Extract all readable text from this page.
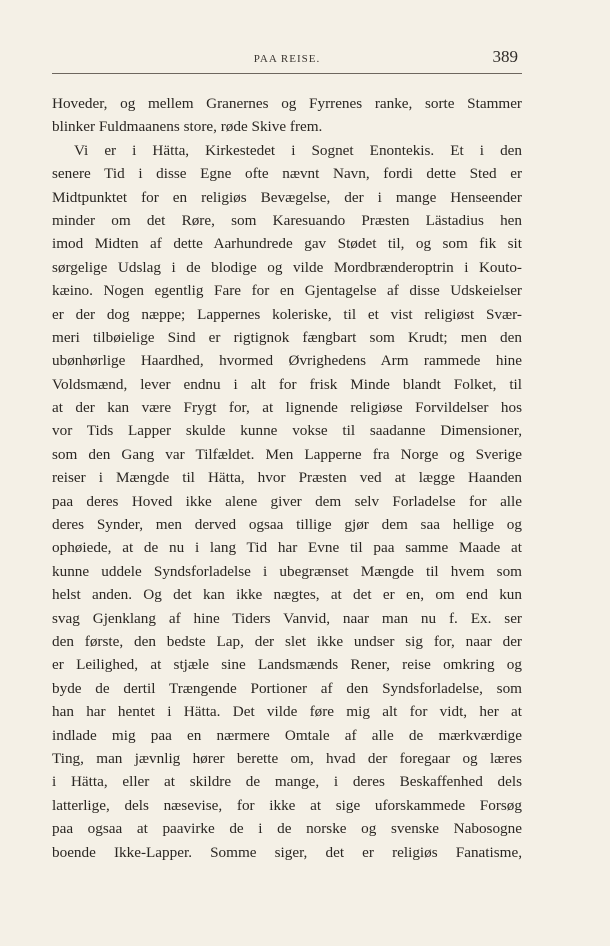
PAA REISE.	389
Hoveder, og mellem Granernes og Fyrrenes ranke, sorte Stammer
blinker Fuldmaanens store, røde Skive frem.
Vi er i Hätta, Kirkestedet i Sognet Enontekis. Et i den
senere Tid i disse Egne ofte nævnt Navn, fordi dette Sted er
Midtpunktet for en religiøs Bevægelse, der i mange Henseender
minder om det Røre, som Karesuando Præsten Lästadius hen
imod Midten af dette Aarhundrede gav Stødet til, og som fik sit
sørgelige Udslag i de blodige og vilde Mordbrænderoptrin i Kouto-
kæino. Nogen egentlig Fare for en Gjentagelse af disse Udskeielser
er der dog næppe; Lappernes koleriske, til et vist religiøst Svær-
meri tilbøielige Sind er rigtignok fængbart som Krudt; men den
ubønhørlige Haardhed, hvormed Øvrighedens Arm rammede hine
Voldsmænd, lever endnu i alt for frisk Minde blandt Folket, til
at der kan være Frygt for, at lignende religiøse Forvildelser hos
vor Tids Lapper skulde kunne vokse til saadanne Dimensioner,
som den Gang var Tilfældet. Men Lapperne fra Norge og Sverige
reiser i Mængde til Hätta, hvor Præsten ved at lægge Haanden
paa deres Hoved ikke alene giver dem selv Forladelse for alle
deres Synder, men derved ogsaa tillige gjør dem saa hellige og
ophøiede, at de nu i lang Tid har Evne til paa samme Maade at
kunne uddele Syndsforladelse i ubegrænset Mængde til hvem som
helst anden. Og det kan ikke nægtes, at det er en, om end kun
svag Gjenklang af hine Tiders Vanvid, naar man nu f. Ex. ser
den første, den bedste Lap, der slet ikke undser sig for, naar der
er Leilighed, at stjæle sine Landsmænds Rener, reise omkring og
byde de dertil Trængende Portioner af den Syndsforladelse, som
han har hentet i Hätta. Det vilde føre mig alt for vidt, her at
indlade mig paa en nærmere Omtale af alle de mærkværdige
Ting, man jævnlig hører berette om, hvad der foregaar og læres
i Hätta, eller at skildre de mange, i deres Beskaffenhed dels
latterlige, dels næsevise, for ikke at sige uforskammede Forsøg
paa ogsaa at paavirke de i de norske og svenske Nabosogne
boende Ikke-Lapper. Somme siger, det er religiøs Fanatisme,
